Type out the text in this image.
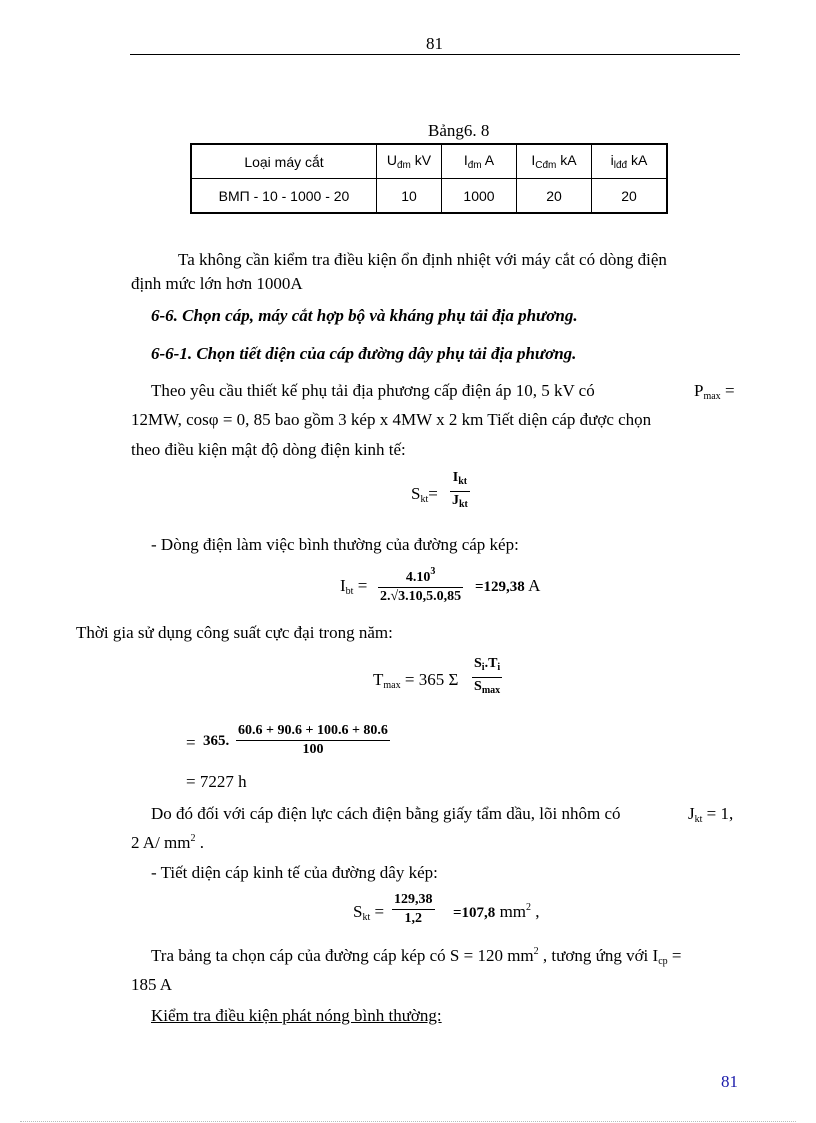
81
Bảng6. 8
Loại máy cắt	$U_{đm}$ kV	$I_{đm}$ A	$I_{Cđm}$ kA	$i_{lđđ}$ kA
ВМП - 10 - 1000 - 20	10	1000	20	20
Ta không cần kiểm tra điều kiện ổn định nhiệt với máy cắt có dòng điện
định mức lớn hơn 1000A
6-6. Chọn cáp, máy cắt hợp bộ và kháng phụ tải địa phương.
6-6-1. Chọn tiết diện của cáp đường dây phụ tải địa phương.
Theo yêu cầu thiết kế phụ tải địa phương cấp điện áp 10, 5 kV có	$P_{max}$ =
12MW, cosφ = 0, 85 bao gồm 3 kép x 4MW x 2 km Tiết diện cáp được chọn
theo điều kiện mật độ dòng điện kinh tế:
$S_{kt}=$
$I_{kt}$
$J_{kt}$
- Dòng điện làm việc bình thường của đường cáp kép:
$I_{bt}$ =	$4.10^3$
2.√3.10,5.0,85
=129,38 A
Thời gia sử dụng công suất cực đại trong năm:
$T_{max} = 365$ Σ
$S_i.T_i$
$S_{max}$
= 365.
60.6 + 90.6 + 100.6 + 80.6
100
= 7227 h
Do đó đối với cáp điện lực cách điện bằng giấy tẩm dầu, lõi nhôm có	$J_{kt} = 1$,
2 A/ $mm^2$ .
- Tiết diện cáp kinh tế của đường dây kép:
$S_{kt}$ =
129,38
1,2 =107,8 $mm^2$ ,
Tra bảng ta chọn cáp của đường cáp kép có S = 120 $mm^2$ , tương ứng với $I_{cp}$ =
185 A
Kiểm tra điều kiện phát nóng bình thường:
81
